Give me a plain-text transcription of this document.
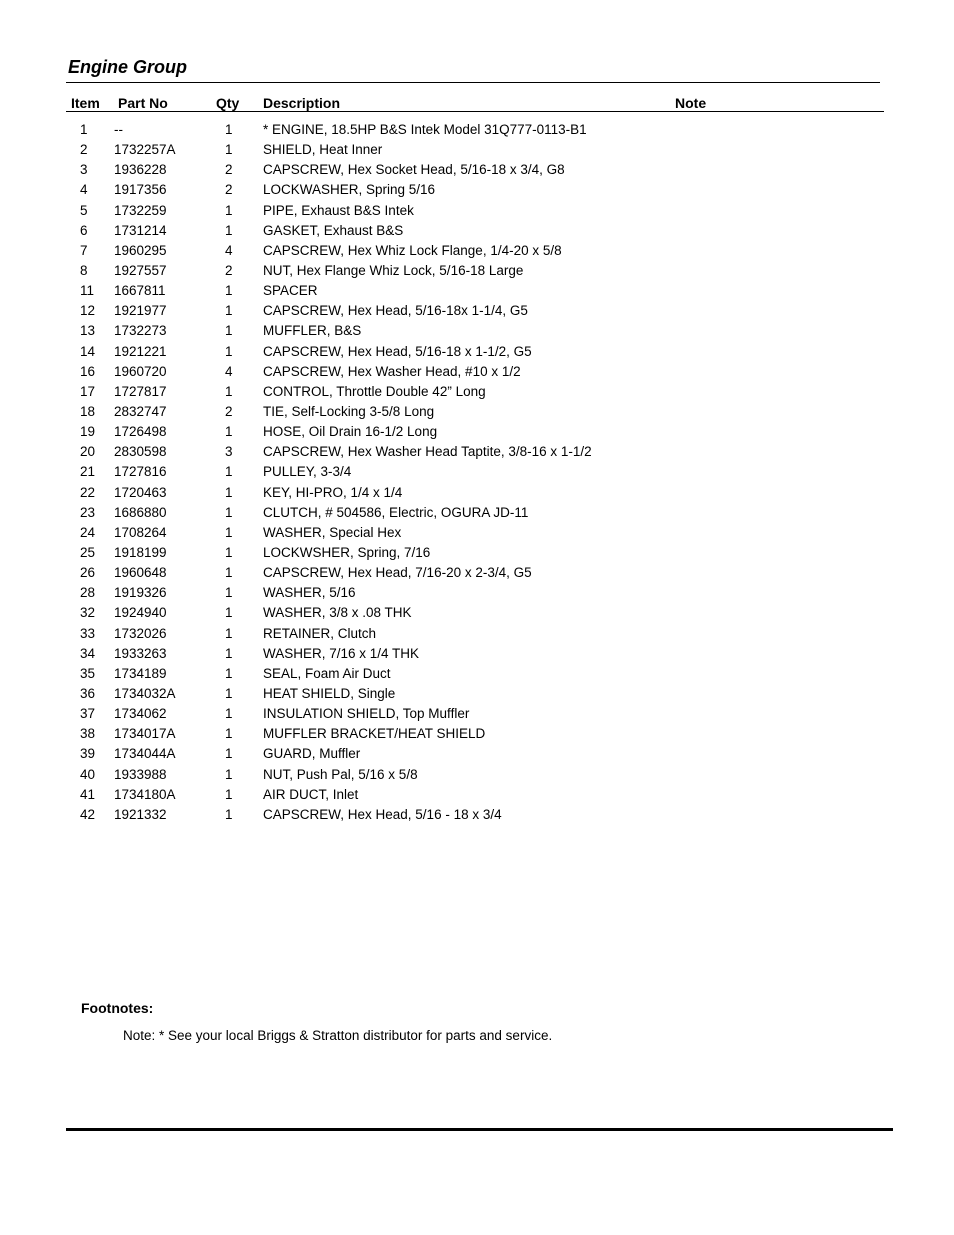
Engine Group
Item Part No	Qty Description	Note
1 --	1 * ENGINE, 18.5HP B&S Intek Model 31Q777-0113-B1
2 1732257A	1 SHIELD, Heat Inner
3 1936228	2 CAPSCREW, Hex Socket Head, 5/16-18 x 3/4, G8
4 1917356	2 LOCKWASHER, Spring 5/16
5 1732259	1 PIPE, Exhaust B&S Intek
6 1731214	1 GASKET, Exhaust B&S
7 1960295	4 CAPSCREW, Hex Whiz Lock Flange, 1/4-20 x 5/8
8 1927557	2 NUT, Hex Flange Whiz Lock, 5/16-18 Large
11 1667811	1 SPACER
12 1921977	1 CAPSCREW, Hex Head, 5/16-18x 1-1/4, G5
13 1732273	1 MUFFLER, B&S
14 1921221	1 CAPSCREW, Hex Head, 5/16-18 x 1-1/2, G5
16 1960720	4 CAPSCREW, Hex Washer Head, #10 x 1/2
17 1727817	1 CONTROL, Throttle Double 42” Long
18 2832747	2 TIE, Self-Locking 3-5/8 Long
19 1726498	1 HOSE, Oil Drain 16-1/2 Long
20 2830598	3 CAPSCREW, Hex Washer Head Taptite, 3/8-16 x 1-1/2
21 1727816	1 PULLEY, 3-3/4
22 1720463	1 KEY, HI-PRO, 1/4 x 1/4
23 1686880	1 CLUTCH, # 504586, Electric, OGURA JD-11
24 1708264	1 WASHER, Special Hex
25 1918199	1 LOCKWSHER, Spring, 7/16
26 1960648	1 CAPSCREW, Hex Head, 7/16-20 x 2-3/4, G5
28 1919326	1 WASHER, 5/16
32 1924940	1 WASHER, 3/8 x .08 THK
33 1732026	1 RETAINER, Clutch
34 1933263	1 WASHER, 7/16 x 1/4 THK
35 1734189	1 SEAL, Foam Air Duct
36 1734032A	1 HEAT SHIELD, Single
37 1734062	1 INSULATION SHIELD, Top Muffler
38 1734017A	1 MUFFLER BRACKET/HEAT SHIELD
39 1734044A	1 GUARD, Muffler
40 1933988	1 NUT, Push Pal, 5/16 x 5/8
41 1734180A	1 AIR DUCT, Inlet
42 1921332	1 CAPSCREW, Hex Head, 5/16 - 18 x 3/4
Footnotes:
Note: * See your local Briggs & Stratton distributor for parts and service.
